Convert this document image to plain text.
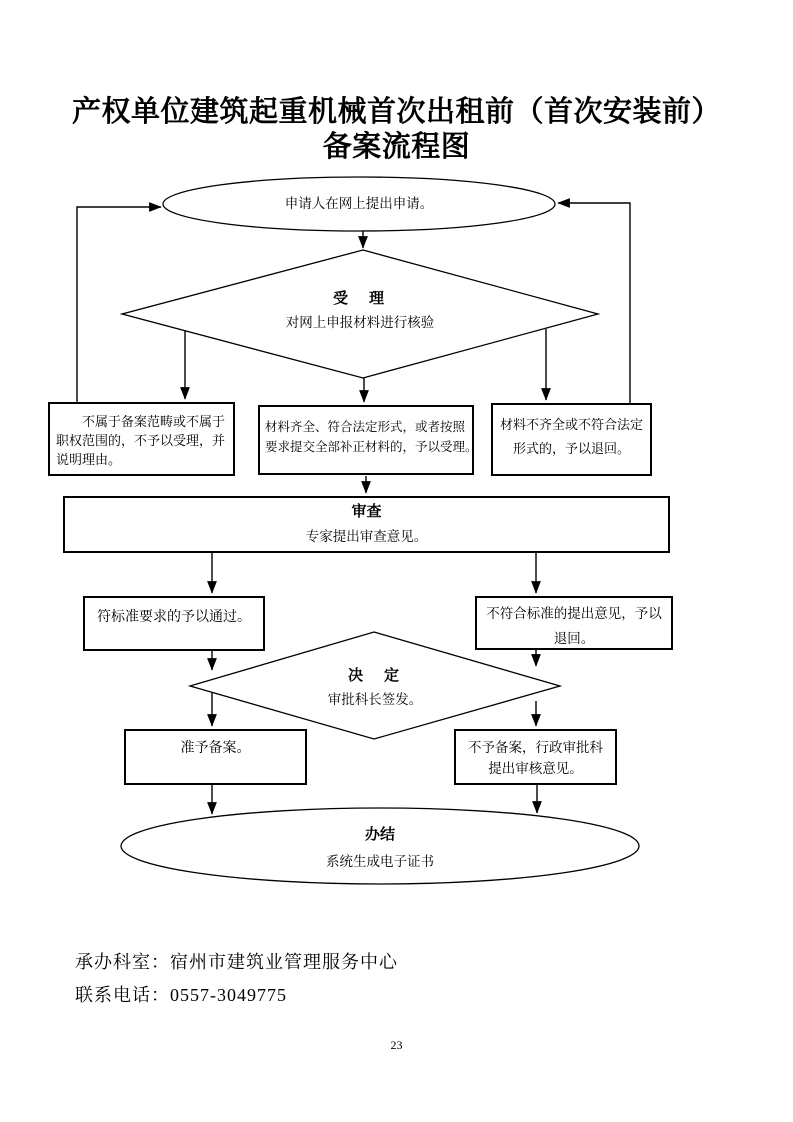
产权单位建筑起重机械首次出租前（首次安装前）
备案流程图
申请人在网上提出申请。
受　理
对网上申报材料进行核验
不属于备案范畴或不属于
职权范围的，不予以受理，并
说明理由。
材料齐全、符合法定形式，或者按照
要求提交全部补正材料的，予以受理。
材料不齐全或不符合法定
形式的，予以退回。
审查
专家提出审查意见。
符标准要求的予以通过。	不符合标准的提出意见，予以
退回。
决　定
审批科长签发。
准予备案。	不予备案，行政审批科
提出审核意见。
办结
系统生成电子证书
承办科室：宿州市建筑业管理服务中心
联系电话：0557-3049775
23
